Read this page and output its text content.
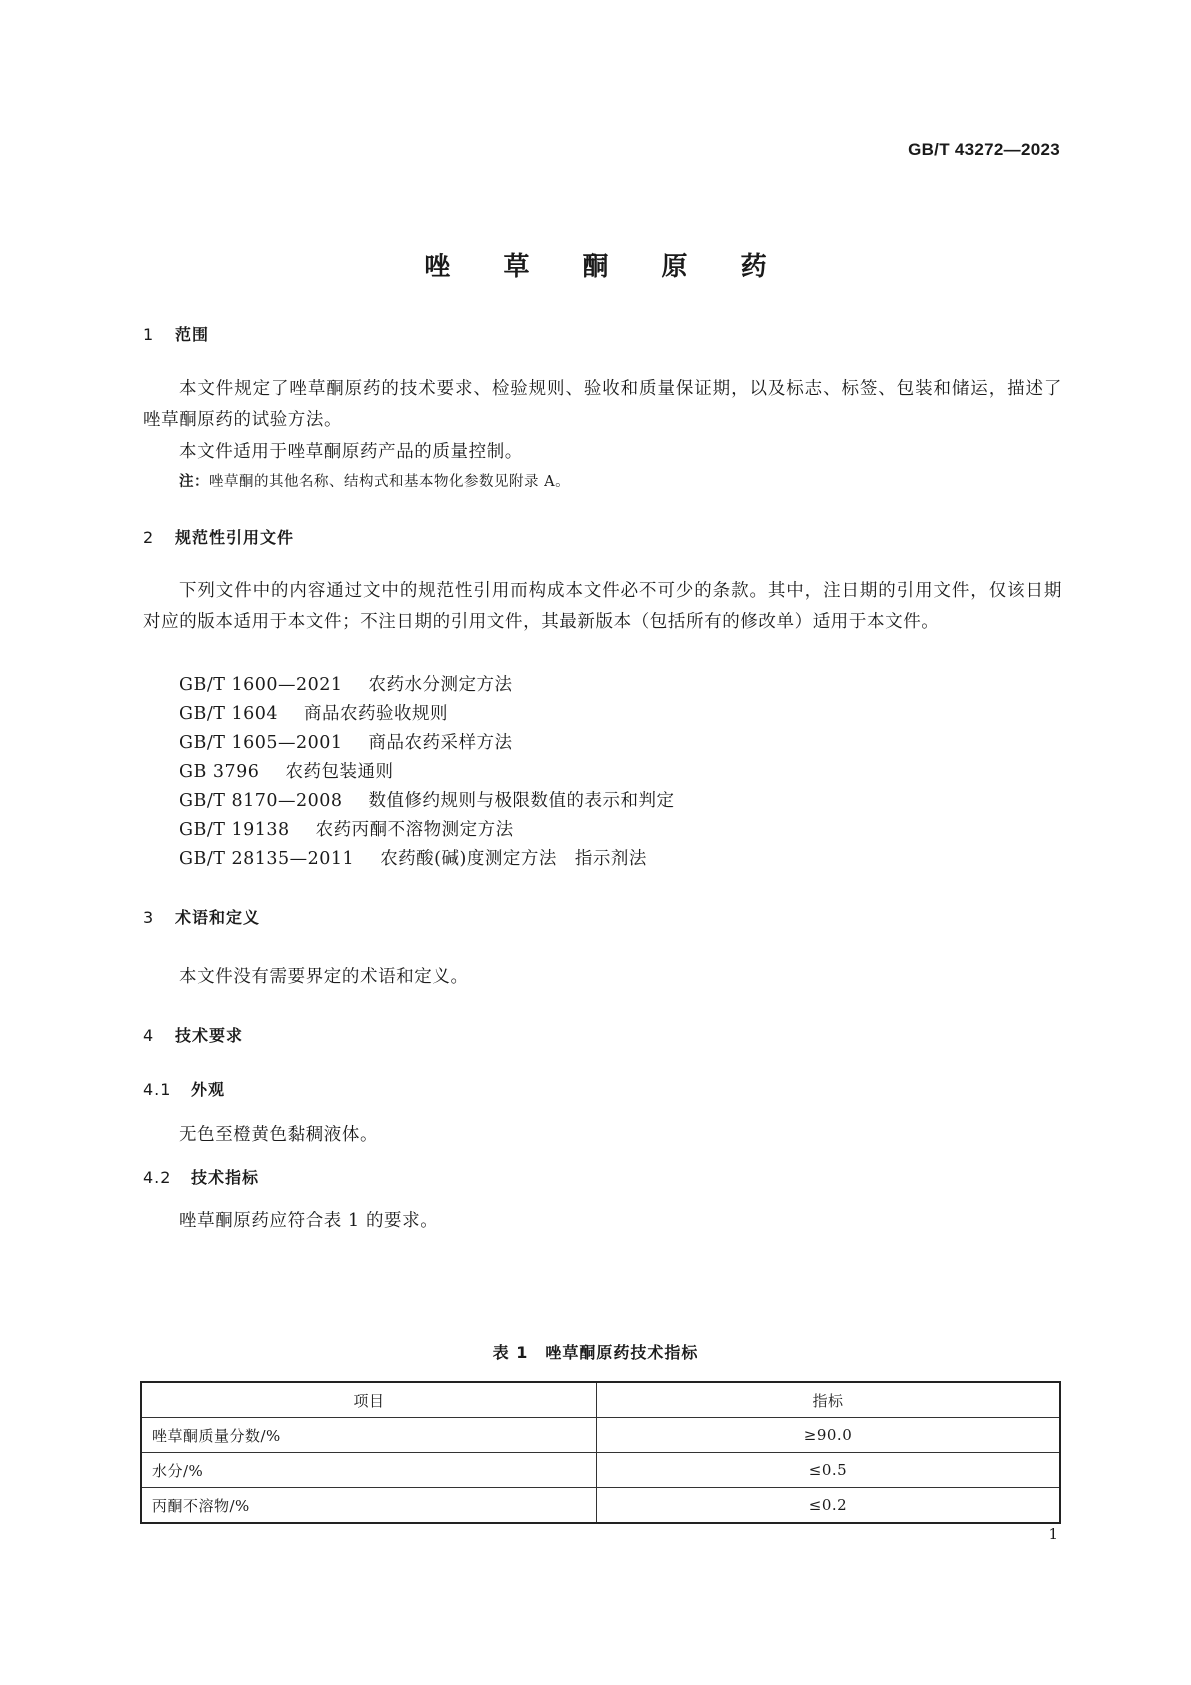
GB/T 43272—2023
唑 草 酮 原 药
1 范围
本文件规定了唑草酮原药的技术要求、检验规则、验收和质量保证期，以及标志、标签、包装和储运，描述了唑草酮原药的试验方法。
本文件适用于唑草酮原药产品的质量控制。
注：唑草酮的其他名称、结构式和基本物化参数见附录 A。
2 规范性引用文件
下列文件中的内容通过文中的规范性引用而构成本文件必不可少的条款。其中，注日期的引用文件，仅该日期对应的版本适用于本文件；不注日期的引用文件，其最新版本（包括所有的修改单）适用于本文件。
GB/T 1600—2021 农药水分测定方法
GB/T 1604 商品农药验收规则
GB/T 1605—2001 商品农药采样方法
GB 3796 农药包装通则
GB/T 8170—2008 数值修约规则与极限数值的表示和判定
GB/T 19138 农药丙酮不溶物测定方法
GB/T 28135—2011 农药酸(碱)度测定方法　指示剂法
3 术语和定义
本文件没有需要界定的术语和定义。
4 技术要求
4.1 外观
无色至橙黄色黏稠液体。
4.2 技术指标
唑草酮原药应符合表 1 的要求。
表 1　唑草酮原药技术指标
项目	指标
唑草酮质量分数/%	≥90.0
水分/%	≤0.5
丙酮不溶物/%	≤0.2
1
